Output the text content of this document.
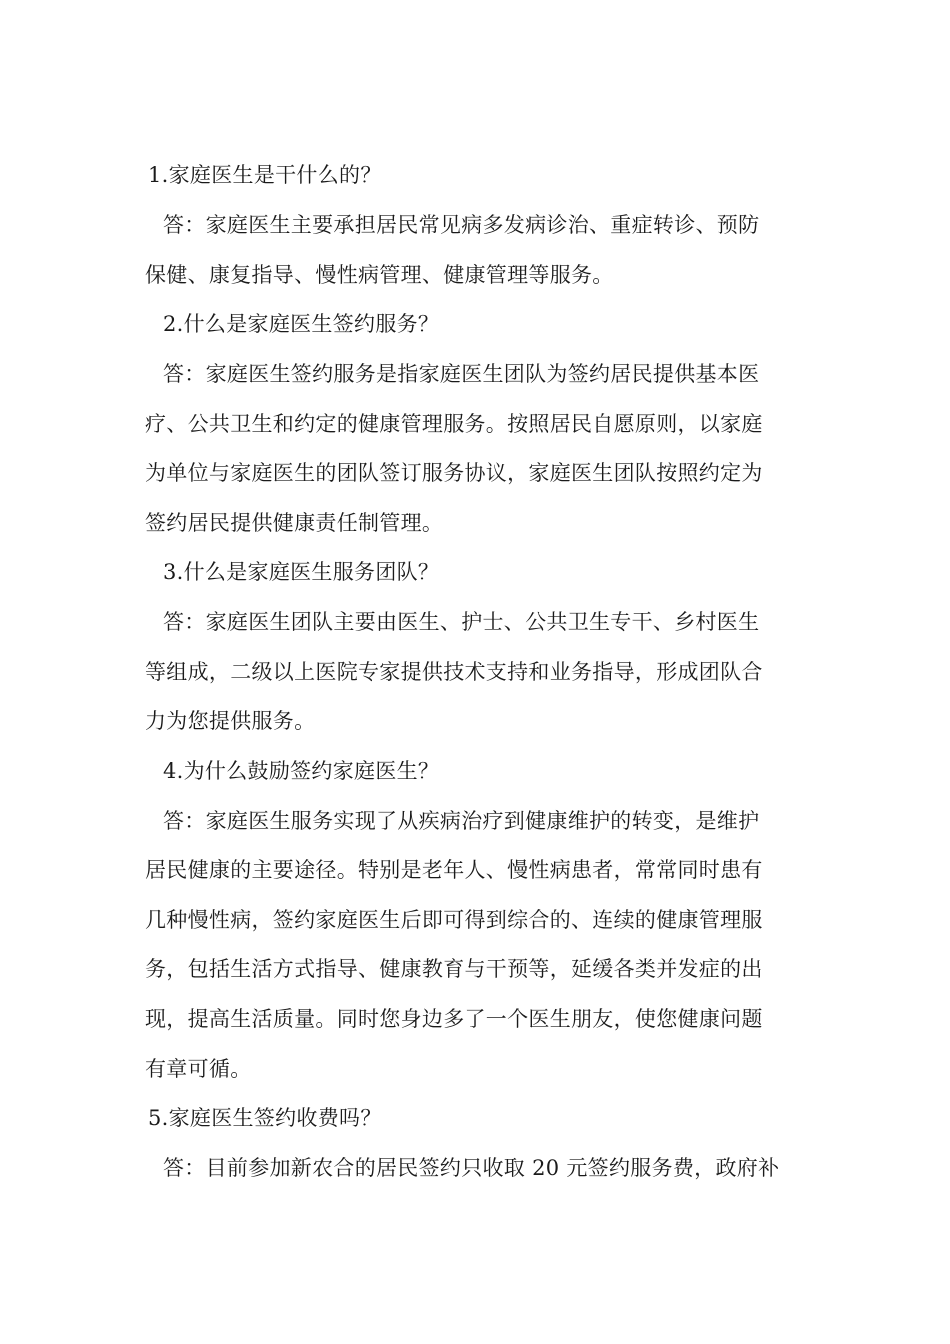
1.家庭医生是干什么的？
答：家庭医生主要承担居民常见病多发病诊治、重症转诊、预防
保健、康复指导、慢性病管理、健康管理等服务。
2.什么是家庭医生签约服务？
答：家庭医生签约服务是指家庭医生团队为签约居民提供基本医
疗、公共卫生和约定的健康管理服务。按照居民自愿原则，以家庭
为单位与家庭医生的团队签订服务协议，家庭医生团队按照约定为
签约居民提供健康责任制管理。
3.什么是家庭医生服务团队？
答：家庭医生团队主要由医生、护士、公共卫生专干、乡村医生
等组成，二级以上医院专家提供技术支持和业务指导，形成团队合
力为您提供服务。
4.为什么鼓励签约家庭医生？
答：家庭医生服务实现了从疾病治疗到健康维护的转变，是维护
居民健康的主要途径。特别是老年人、慢性病患者，常常同时患有
几种慢性病，签约家庭医生后即可得到综合的、连续的健康管理服
务，包括生活方式指导、健康教育与干预等，延缓各类并发症的出
现，提高生活质量。同时您身边多了一个医生朋友，使您健康问题
有章可循。
5.家庭医生签约收费吗？
答：目前参加新农合的居民签约只收取 20 元签约服务费，政府补
